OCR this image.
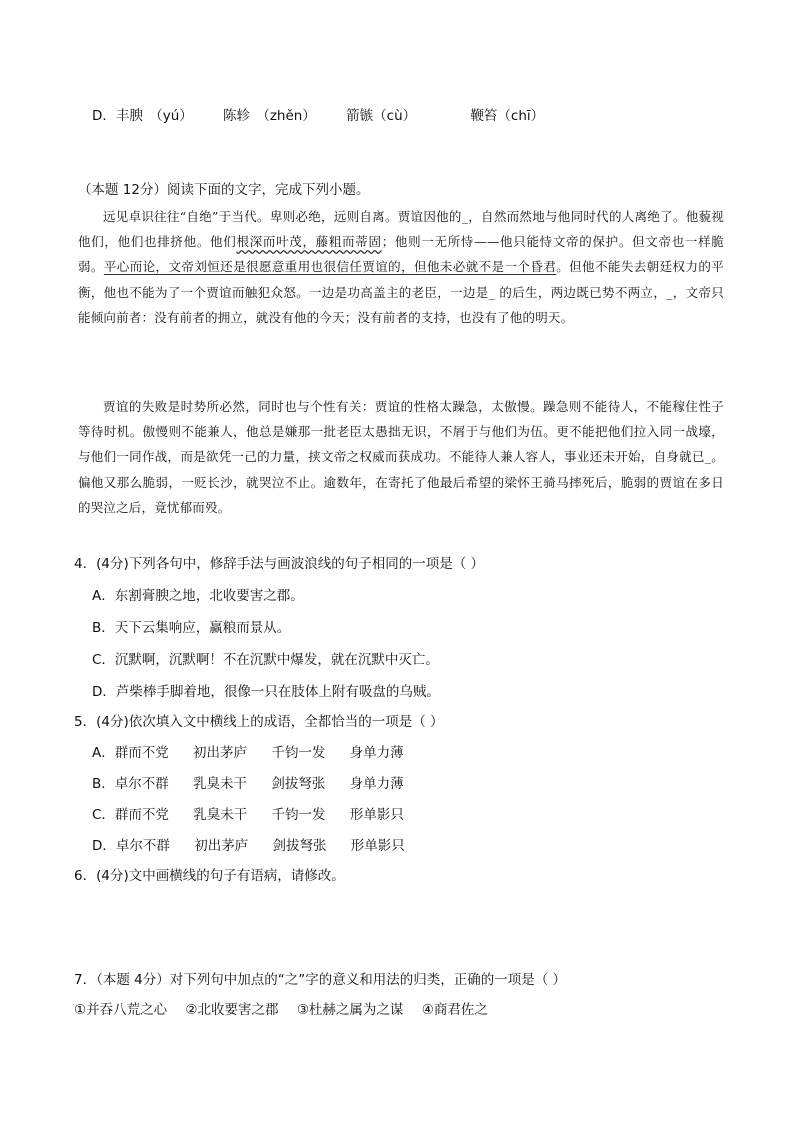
D．丰腴 （yú） 陈轸 （zhěn） 箭镞（cù）	鞭笞（chī）
（本题 12分）阅读下面的文字，完成下列小题。

远见卓识往往“自绝”于当代。卑则必绝，远则自离。贾谊因他的_，自然而然地与他同时代的人离绝了。他藐视他们，他们也排挤他。他们根深而叶茂，藤粗而蒂固；他则一无所恃——他只能恃文帝的保护。但文帝也一样脆弱。平心而论，文帝刘恒还是很愿意重用也很信任贾谊的，但他未必就不是一个昏君。但他不能失去朝廷权力的平衡，他也不能为了一个贾谊而触犯众怒。一边是功高盖主的老臣，一边是_ 的后生，两边既已势不两立，_，文帝只能倾向前者：没有前者的拥立，就没有他的今天；没有前者的支持，也没有了他的明天。

贾谊的失败是时势所必然，同时也与个性有关：贾谊的性格太躁急，太傲慢。躁急则不能待人，不能稼住性子等待时机。傲慢则不能兼人，他总是嫌那一批老臣太愚拙无识，不屑于与他们为伍。更不能把他们拉入同一战壕，与他们一同作战，而是欲凭一己的力量，挟文帝之权威而获成功。不能待人兼人容人，事业还未开始，自身就已_。偏他又那么脆弱，一贬长沙，就哭泣不止。逾数年，在寄托了他最后希望的梁怀王骑马摔死后，脆弱的贾谊在多日的哭泣之后，竟忧郁而殁。

4．(4分)下列各句中，修辞手法与画波浪线的句子相同的一项是（ ）
A．东割膏腴之地，北收要害之郡。
B．天下云集响应，赢粮而景从。
C．沉默啊，沉默啊！不在沉默中爆发，就在沉默中灭亡。
D．芦柴棒手脚着地，很像一只在肢体上附有吸盘的乌贼。
5．(4分)依次填入文中横线上的成语，全都恰当的一项是（ ）
A．群而不党 初出茅庐 千钧一发 身单力薄
B．卓尔不群 乳臭未干 剑拔弩张 身单力薄
C．群而不党 乳臭未干 千钧一发 形单影只
D．卓尔不群 初出茅庐 剑拔弩张 形单影只
6．(4分)文中画横线的句子有语病，请修改。
7．（本题 4分）对下列句中加点的“之”字的意义和用法的归类，正确的一项是（ ）
①并吞八荒之心 ②北收要害之郡 ③杜赫之属为之谋 ④商君佐之
